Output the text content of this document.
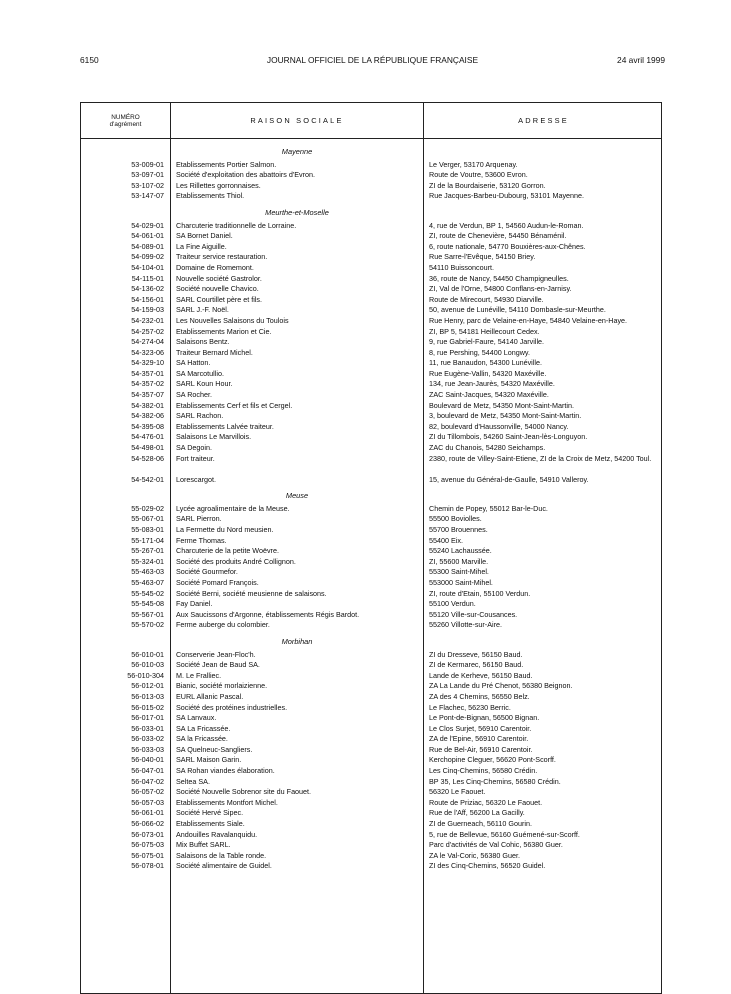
6150	JOURNAL OFFICIEL DE LA RÉPUBLIQUE FRANÇAISE	24 avril 1999
NUMÉRO
d'agrément	RAISON SOCIALE	ADRESSE
Mayenne
53-009-01 Etablissements Portier Salmon.	Le Verger, 53170 Arquenay.
53-097-01 Société d'exploitation des abattoirs d'Evron.	Route de Voutre, 53600 Evron.
53-107-02 Les Rillettes gorronnaises.	ZI de la Bourdaiserie, 53120 Gorron.
53-147-07 Etablissements Thiol.	Rue Jacques-Barbeu-Dubourg, 53101 Mayenne.
Meurthe-et-Moselle
54-029-01 Charcuterie traditionnelle de Lorraine.	4, rue de Verdun, BP 1, 54560 Audun-le-Roman.
54-061-01 SA Bornet Daniel.	ZI, route de Chenevière, 54450 Bénaménil.
54-089-01 La Fine Aiguille.	6, route nationale, 54770 Bouxières-aux-Chênes.
54-099-02 Traiteur service restauration.	Rue Sarre-l'Evêque, 54150 Briey.
54-104-01 Domaine de Romemont.	54110 Buissoncourt.
54-115-01 Nouvelle société Gastrolor.	36, route de Nancy, 54450 Champigneulles.
54-136-02 Société nouvelle Chavico.	ZI, Val de l'Orne, 54800 Conflans-en-Jarnisy.
54-156-01 SARL Courtillet père et fils.	Route de Mirecourt, 54930 Diarville.
54-159-03 SARL J.-F. Noël.	50, avenue de Lunéville, 54110 Dombasle-sur-Meurthe.
54-232-01 Les Nouvelles Salaisons du Toulois	Rue Henry, parc de Velaine-en-Haye, 54840 Velaine-en-Haye.
54-257-02 Etablissements Marion et Cie.	ZI, BP 5, 54181 Heillecourt Cedex.
54-274-04 Salaisons Bentz.	9, rue Gabriel-Faure, 54140 Jarville.
54-323-06 Traiteur Bernard Michel.	8, rue Pershing, 54400 Longwy.
54-329-10 SA Hatton.	11, rue Banaudon, 54300 Lunéville.
54-357-01 SA Marcotullio.	Rue Eugène-Vallin, 54320 Maxéville.
54-357-02 SARL Koun Hour.	134, rue Jean-Jaurès, 54320 Maxéville.
54-357-07 SA Rocher.	ZAC Saint-Jacques, 54320 Maxéville.
54-382-01 Etablissements Cerf et fils et Cergel.	Boulevard de Metz, 54350 Mont-Saint-Martin.
54-382-06 SARL Rachon.	3, boulevard de Metz, 54350 Mont-Saint-Martin.
54-395-08 Etablissements Lalvée traiteur.	82, boulevard d'Haussonville, 54000 Nancy.
54-476-01 Salaisons Le Marvillois.	ZI du Tillombois, 54260 Saint-Jean-lès-Longuyon.
54-498-01 SA Degoin.	ZAC du Chanois, 54280 Seichamps.
54-528-06 Fort traiteur.	2380, route de Villey-Saint-Etiene, ZI de la Croix de Metz, 54200 Toul.
54-542-01 Lorescargot.	15, avenue du Général-de-Gaulle, 54910 Valleroy.
Meuse
55-029-02 Lycée agroalimentaire de la Meuse.	Chemin de Popey, 55012 Bar-le-Duc.
55-067-01 SARL Pierron.	55500 Boviolles.
55-083-01 La Fermette du Nord meusien.	55700 Brouennes.
55-171-04 Ferme Thomas.	55400 Eix.
55-267-01 Charcuterie de la petite Woëvre.	55240 Lachaussée.
55-324-01 Société des produits André Collignon.	ZI, 55600 Marville.
55-463-03 Société Gourmefor.	55300 Saint-Mihel.
55-463-07 Société Pomard François.	553000 Saint-Mihel.
55-545-02 Société Berni, société meusienne de salaisons.	ZI, route d'Etain, 55100 Verdun.
55-545-08 Fay Daniel.	55100 Verdun.
55-567-01 Aux Saucissons d'Argonne, établissements Régis Bardot.	55120 Ville-sur-Cousances.
55-570-02 Ferme auberge du colombier.	55260 Villotte-sur-Aire.
Morbihan
56-010-01 Conserverie Jean-Floc'h.	ZI du Dresseve, 56150 Baud.
56-010-03 Société Jean de Baud SA.	ZI de Kermarec, 56150 Baud.
56-010-304 M. Le Fralliec.	Lande de Kerheve, 56150 Baud.
56-012-01 Bianic, société morlaizienne.	ZA La Lande du Pré Chenot, 56380 Beignon.
56-013-03 EURL Allanic Pascal.	ZA des 4 Chemins, 56550 Belz.
56-015-02 Société des protéines industrielles.	Le Flachec, 56230 Berric.
56-017-01 SA Lanvaux.	Le Pont-de-Bignan, 56500 Bignan.
56-033-01 SA La Fricassée.	Le Clos Surjet, 56910 Carentoir.
56-033-02 SA la Fricassée.	ZA de l'Epine, 56910 Carentoir.
56-033-03 SA Quelneuc-Sangliers.	Rue de Bel-Air, 56910 Carentoir.
56-040-01 SARL Maison Garin.	Kerchopine Cleguer, 56620 Pont-Scorff.
56-047-01 SA Rohan viandes élaboration.	Les Cinq-Chemins, 56580 Crédin.
56-047-02 Seltea SA.	BP 35, Les Cinq-Chemins, 56580 Crédin.
56-057-02 Société Nouvelle Sobrenor site du Faouet.	56320 Le Faouet.
56-057-03 Etablissements Montfort Michel.	Route de Priziac, 56320 Le Faouet.
56-061-01 Société Hervé Sipec.	Rue de l'Aff, 56200 La Gacilly.
56-066-02 Etablissements Siale.	ZI de Guerneach, 56110 Gourin.
56-073-01 Andouilles Ravalanquidu.	5, rue de Bellevue, 56160 Guémené-sur-Scorff.
56-075-03 Mix Buffet SARL.	Parc d'activités de Val Cohic, 56380 Guer.
56-075-01 Salaisons de la Table ronde.	ZA le Val-Coric, 56380 Guer.
56-078-01 Société alimentaire de Guidel.	ZI des Cinq-Chemins, 56520 Guidel.
